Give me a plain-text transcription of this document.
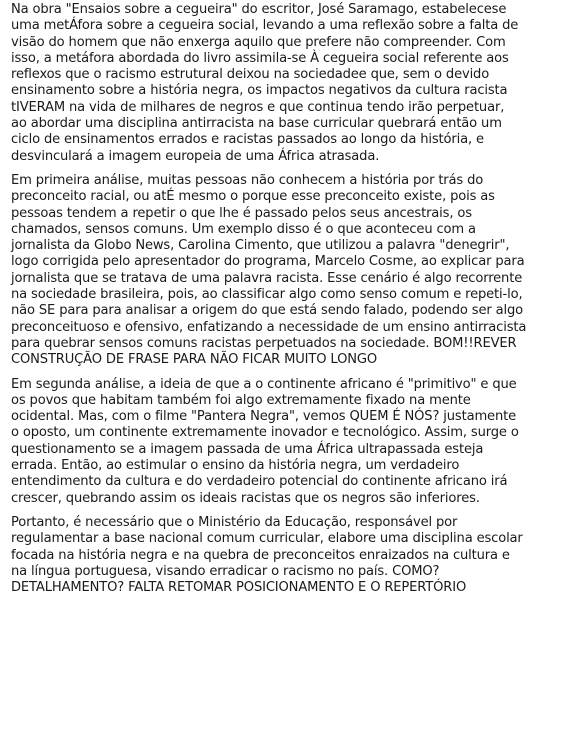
Na obra "Ensaios sobre a cegueira" do escritor, José Saramago, estabelecese
uma metÁfora sobre a cegueira social, levando a uma reflexão sobre a falta de
visão do homem que não enxerga aquilo que prefere não compreender. Com
isso, a metáfora abordada do livro assimila-se À cegueira social referente aos
reflexos que o racismo estrutural deixou na sociedadee que, sem o devido
ensinamento sobre a história negra, os impactos negativos da cultura racista
tIVERAM na vida de milhares de negros e que continua tendo irão perpetuar,
ao abordar uma disciplina antirracista na base curricular quebrará então um
ciclo de ensinamentos errados e racistas passados ao longo da história, e
desvinculará a imagem europeia de uma África atrasada.
Em primeira análise, muitas pessoas não conhecem a história por trás do
preconceito racial, ou atÉ mesmo o porque esse preconceito existe, pois as
pessoas tendem a repetir o que lhe é passado pelos seus ancestrais, os
chamados, sensos comuns. Um exemplo disso é o que aconteceu com a
jornalista da Globo News, Carolina Cimento, que utilizou a palavra "denegrir",
logo corrigida pelo apresentador do programa, Marcelo Cosme, ao explicar para
jornalista que se tratava de uma palavra racista. Esse cenário é algo recorrente
na sociedade brasileira, pois, ao classificar algo como senso comum e repeti-lo,
não SE para para analisar a origem do que está sendo falado, podendo ser algo
preconceituoso e ofensivo, enfatizando a necessidade de um ensino antirracista
para quebrar sensos comuns racistas perpetuados na sociedade. BOM!!REVER
CONSTRUÇÃO DE FRASE PARA NÃO FICAR MUITO LONGO
Em segunda análise, a ideia de que a o continente africano é "primitivo" e que
os povos que habitam também foi algo extremamente fixado na mente
ocidental. Mas, com o filme "Pantera Negra", vemos QUEM É NÓS? justamente
o oposto, um continente extremamente inovador e tecnológico. Assim, surge o
questionamento se a imagem passada de uma África ultrapassada esteja
errada. Então, ao estimular o ensino da história negra, um verdadeiro
entendimento da cultura e do verdadeiro potencial do continente africano irá
crescer, quebrando assim os ideais racistas que os negros são inferiores.
Portanto, é necessário que o Ministério da Educação, responsável por
regulamentar a base nacional comum curricular, elabore uma disciplina escolar
focada na história negra e na quebra de preconceitos enraizados na cultura e
na língua portuguesa, visando erradicar o racismo no país. COMO?
DETALHAMENTO? FALTA RETOMAR POSICIONAMENTO E O REPERTÓRIO
